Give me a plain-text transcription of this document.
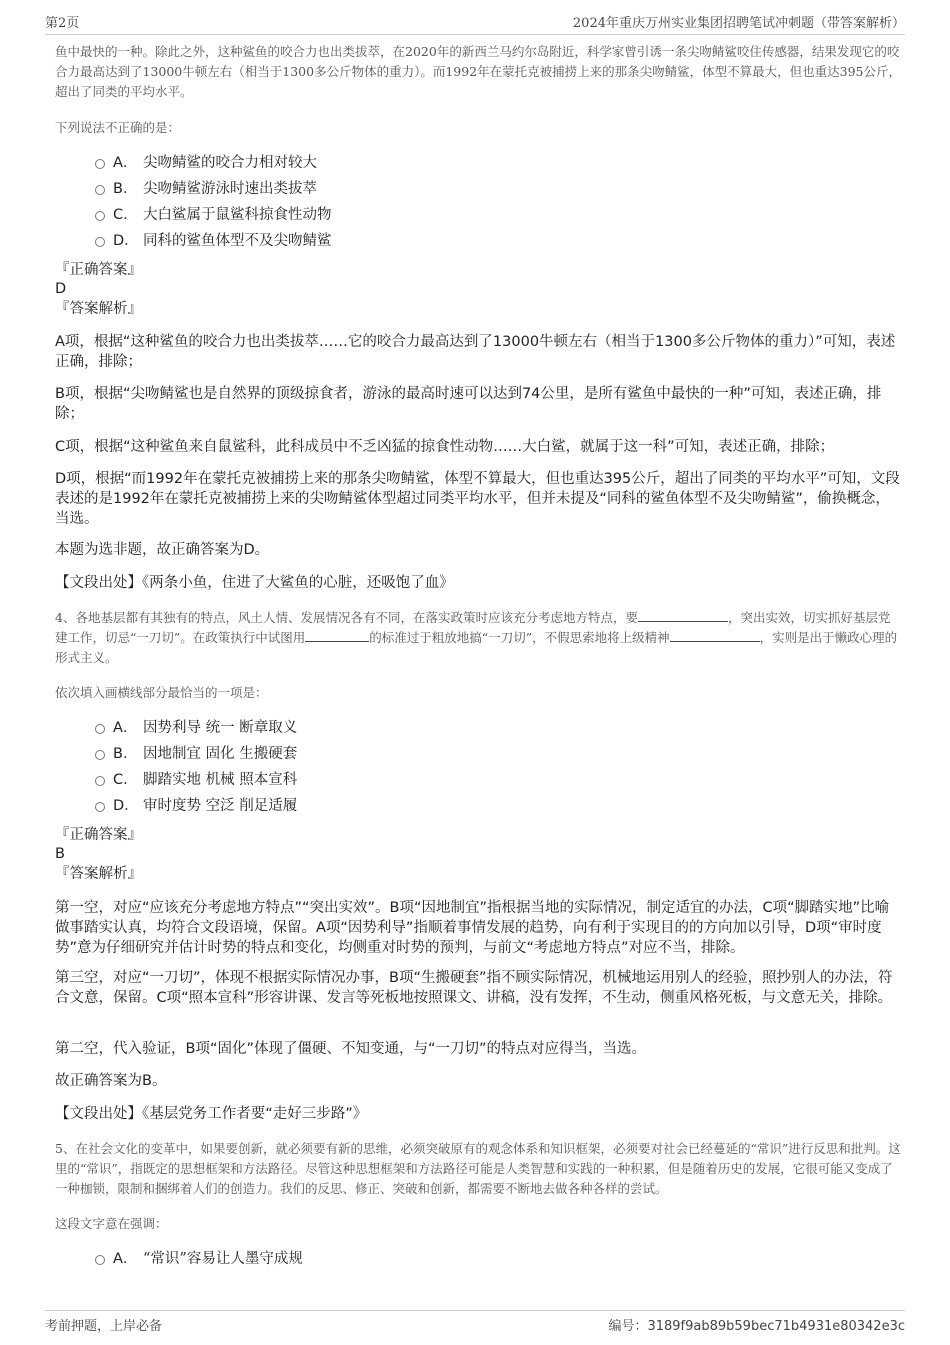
第2页	2024年重庆万州实业集团招聘笔试冲刺题（带答案解析）
鱼中最快的一种。除此之外，这种鲨鱼的咬合力也出类拔萃，在2020年的新西兰马约尔岛附近，科学家曾引诱一条尖吻鲭鲨咬住传感器，结果发现它的咬合力最高达到了13000牛顿左右（相当于1300多公斤物体的重力）。而1992年在蒙托克被捕捞上来的那条尖吻鲭鲨，体型不算最大，但也重达395公斤，超出了同类的平均水平。
下列说法不正确的是：
A． 尖吻鲭鲨的咬合力相对较大
B． 尖吻鲭鲨游泳时速出类拔萃
C． 大白鲨属于鼠鲨科掠食性动物
D． 同科的鲨鱼体型不及尖吻鲭鲨
『正确答案』
D
『答案解析』
A项，根据“这种鲨鱼的咬合力也出类拔萃……它的咬合力最高达到了13000牛顿左右（相当于1300多公斤物体的重力）”可知，表述正确，排除；
B项，根据“尖吻鲭鲨也是自然界的顶级掠食者，游泳的最高时速可以达到74公里，是所有鲨鱼中最快的一种”可知，表述正确，排除；
C项，根据“这种鲨鱼来自鼠鲨科，此科成员中不乏凶猛的掠食性动物……大白鲨，就属于这一科”可知，表述正确，排除；
D项，根据“而1992年在蒙托克被捕捞上来的那条尖吻鲭鲨，体型不算最大，但也重达395公斤，超出了同类的平均水平”可知，文段表述的是1992年在蒙托克被捕捞上来的尖吻鲭鲨体型超过同类平均水平，但并未提及“同科的鲨鱼体型不及尖吻鲭鲨”，偷换概念，当选。
本题为选非题，故正确答案为D。
【文段出处】《两条小鱼，住进了大鲨鱼的心脏，还吸饱了血》
4、各地基层都有其独有的特点，风土人情、发展情况各有不同，在落实政策时应该充分考虑地方特点，要	，突出实效，切实抓好基层党建工作，切忌“一刀切”。在政策执行中试图用	的标准过于粗放地搞“一刀切”，不假思索地将上级精神	，实则是出于懒政心理的形式主义。
依次填入画横线部分最恰当的一项是：
A． 因势利导 统一 断章取义
B． 因地制宜 固化 生搬硬套
C． 脚踏实地 机械 照本宣科
D． 审时度势 空泛 削足适履
『正确答案』
B
『答案解析』
第一空，对应“应该充分考虑地方特点”“突出实效”。B项“因地制宜”指根据当地的实际情况，制定适宜的办法，C项“脚踏实地”比喻做事踏实认真，均符合文段语境，保留。A项“因势利导”指顺着事情发展的趋势，向有利于实现目的的方向加以引导，D项“审时度势”意为仔细研究并估计时势的特点和变化，均侧重对时势的预判，与前文“考虑地方特点”对应不当，排除。
第三空，对应“一刀切”，体现不根据实际情况办事，B项“生搬硬套”指不顾实际情况，机械地运用别人的经验，照抄别人的办法，符合文意，保留。C项“照本宣科”形容讲课、发言等死板地按照课文、讲稿，没有发挥，不生动，侧重风格死板，与文意无关，排除。
第二空，代入验证，B项“固化”体现了僵硬、不知变通，与“一刀切”的特点对应得当，当选。
故正确答案为B。
【文段出处】《基层党务工作者要“走好三步路”》
5、在社会文化的变革中，如果要创新，就必须要有新的思维，必须突破原有的观念体系和知识框架，必须要对社会已经蔓延的“常识”进行反思和批判。这里的“常识”，指既定的思想框架和方法路径。尽管这种思想框架和方法路径可能是人类智慧和实践的一种积累，但是随着历史的发展，它很可能又变成了一种枷锁，限制和捆绑着人们的创造力。我们的反思、修正、突破和创新，都需要不断地去做各种各样的尝试。
这段文字意在强调：
A． “常识”容易让人墨守成规
考前押题，上岸必备	编号：3189f9ab89b59bec71b4931e80342e3c
